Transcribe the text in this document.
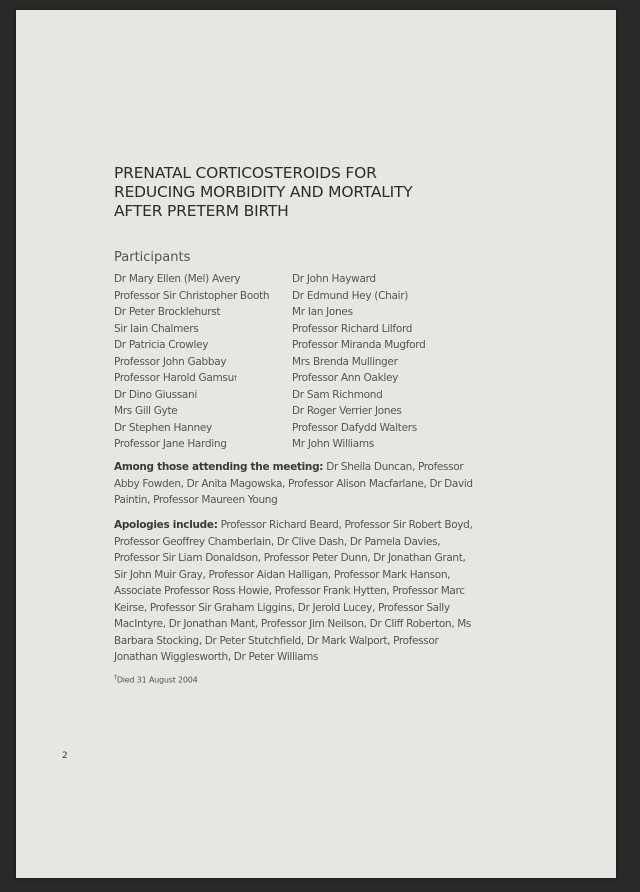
PRENATAL CORTICOSTEROIDS FOR
REDUCING MORBIDITY AND MORTALITY
AFTER PRETERM BIRTH
Participants
Dr Mary Ellen (Mel) Avery
Professor Sir Christopher Booth
Dr Peter Brocklehurst
Sir Iain Chalmers
Dr Patricia Crowley
Professor John Gabbay
Professor Harold Gamsu†
Dr Dino Giussani
Mrs Gill Gyte
Dr Stephen Hanney
Professor Jane Harding
Dr John Hayward
Dr Edmund Hey (Chair)
Mr Ian Jones
Professor Richard Lilford
Professor Miranda Mugford
Mrs Brenda Mullinger
Professor Ann Oakley
Dr Sam Richmond
Dr Roger Verrier Jones
Professor Dafydd Walters
Mr John Williams

Among those attending the meeting: Dr Sheila Duncan, Professor Abby Fowden, Dr Anita Magowska, Professor Alison Macfarlane, Dr David Paintin, Professor Maureen Young

Apologies include: Professor Richard Beard, Professor Sir Robert Boyd, Professor Geoffrey Chamberlain, Dr Clive Dash, Dr Pamela Davies, Professor Sir Liam Donaldson, Professor Peter Dunn, Dr Jonathan Grant, Sir John Muir Gray, Professor Aidan Halligan, Professor Mark Hanson, Associate Professor Ross Howie, Professor Frank Hytten, Professor Marc Keirse, Professor Sir Graham Liggins, Dr Jerold Lucey, Professor Sally MacIntyre, Dr Jonathan Mant, Professor Jim Neilson, Dr Cliff Roberton, Ms Barbara Stocking, Dr Peter Stutchfield, Dr Mark Walport, Professor Jonathan Wigglesworth, Dr Peter Williams

†Died 31 August 2004

2
